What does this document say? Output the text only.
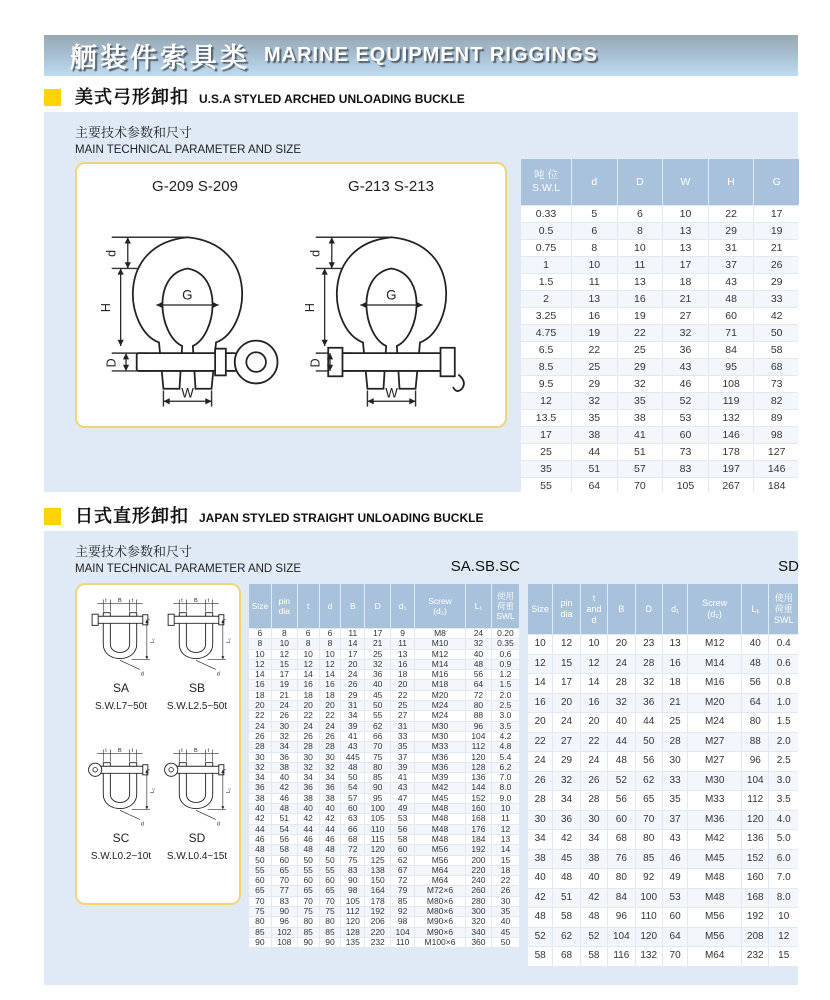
舾装件索具类 MARINE EQUIPMENT RIGGINGS
美式弓形卸扣 U.S.A STYLED ARCHED UNLOADING BUCKLE
主要技术参数和尺寸
MAIN TECHNICAL PARAMETER AND SIZE
G-209 S-209	G-213 S-213
吨 位
S.W.L	d	D	W	H	G
0.33	5	6	10	22	17
0.5	6	8	13	29	19
0.75	8	10	13	31	21
1	10	11	17	37	26
1.5	11	13	18	43	29
2	13	16	21	48	33
3.25	16	19	27	60	42
4.75	19	22	32	71	50
6.5	22	25	36	84	58
8.5	25	29	43	95	68
9.5	29	32	46	108	73
12	32	35	52	119	82
13.5	35	38	53	132	89
17	38	41	60	146	98
25	44	51	73	178	127
35	51	57	83	197	146
55	64	70	105	267	184
日式直形卸扣 JAPAN STYLED STRAIGHT UNLOADING BUCKLE
主要技术参数和尺寸
MAIN TECHNICAL PARAMETER AND SIZE	SA.SB.SC	SD
SA
S.W.L7~50t
SB
S.W.L2.5~50t
SC
S.W.L0.2~10t
SD
S.W.L0.4~15t
Size	pin
dia	t	d	B	D	d₁	Screw
(d₂)	L₁	使用
荷重
SWL
6	8	6	6	11	17	9	M8	24	0.20
8	10	8	8	14	21	11	M10	32	0.35
10	12	10	10	17	25	13	M12	40	0.6
12	15	12	12	20	32	16	M14	48	0.9
14	17	14	14	24	36	18	M16	56	1.2
16	19	16	16	26	40	20	M18	64	1.5
18	21	18	18	29	45	22	M20	72	2.0
20	24	20	20	31	50	25	M24	80	2.5
22	26	22	22	34	55	27	M24	88	3.0
24	30	24	24	39	62	31	M30	96	3.5
26	32	26	26	41	66	33	M30	104	4.2
28	34	28	28	43	70	35	M33	112	4.8
30	36	30	30	445	75	37	M36	120	5.4
32	38	32	32	48	80	39	M36	128	6.2
34	40	34	34	50	85	41	M39	136	7.0
36	42	36	36	54	90	43	M42	144	8.0
38	46	38	38	57	95	47	M45	152	9.0
40	48	40	40	60	100	49	M48	160	10
42	51	42	42	63	105	53	M48	168	11
44	54	44	44	66	110	56	M48	176	12
46	56	46	46	68	115	58	M48	184	13
48	58	48	48	72	120	60	M56	192	14
50	60	50	50	75	125	62	M56	200	15
55	65	55	55	83	138	67	M64	220	18
60	70	60	60	90	150	72	M64	240	22
65	77	65	65	98	164	79	M72×6	260	26
70	83	70	70	105	178	85	M80×6	280	30
75	90	75	75	112	192	92	M80×6	300	35
80	96	80	80	120	206	98	M90×6	320	40
85	102	85	85	128	220	104	M90×6	340	45
90	108	90	90	135	232	110	M100×6	360	50
Size	pin
dia	t
and
d	B	D	d₁	Screw
(d₂)	L₁	使用
荷重
SWL
10	12	10	20	23	13	M12	40	0.4
12	15	12	24	28	16	M14	48	0.6
14	17	14	28	32	18	M16	56	0.8
16	20	16	32	36	21	M20	64	1.0
20	24	20	40	44	25	M24	80	1.5
22	27	22	44	50	28	M27	88	2.0
24	29	24	48	56	30	M27	96	2.5
26	32	26	52	62	33	M30	104	3.0
28	34	28	56	65	35	M33	112	3.5
30	36	30	60	70	37	M36	120	4.0
34	42	34	68	80	43	M42	136	5.0
38	45	38	76	85	46	M45	152	6.0
40	48	40	80	92	49	M48	160	7.0
42	51	42	84	100	53	M48	168	8.0
48	58	48	96	110	60	M56	192	10
52	62	52	104	120	64	M56	208	12
58	68	58	116	132	70	M64	232	15
